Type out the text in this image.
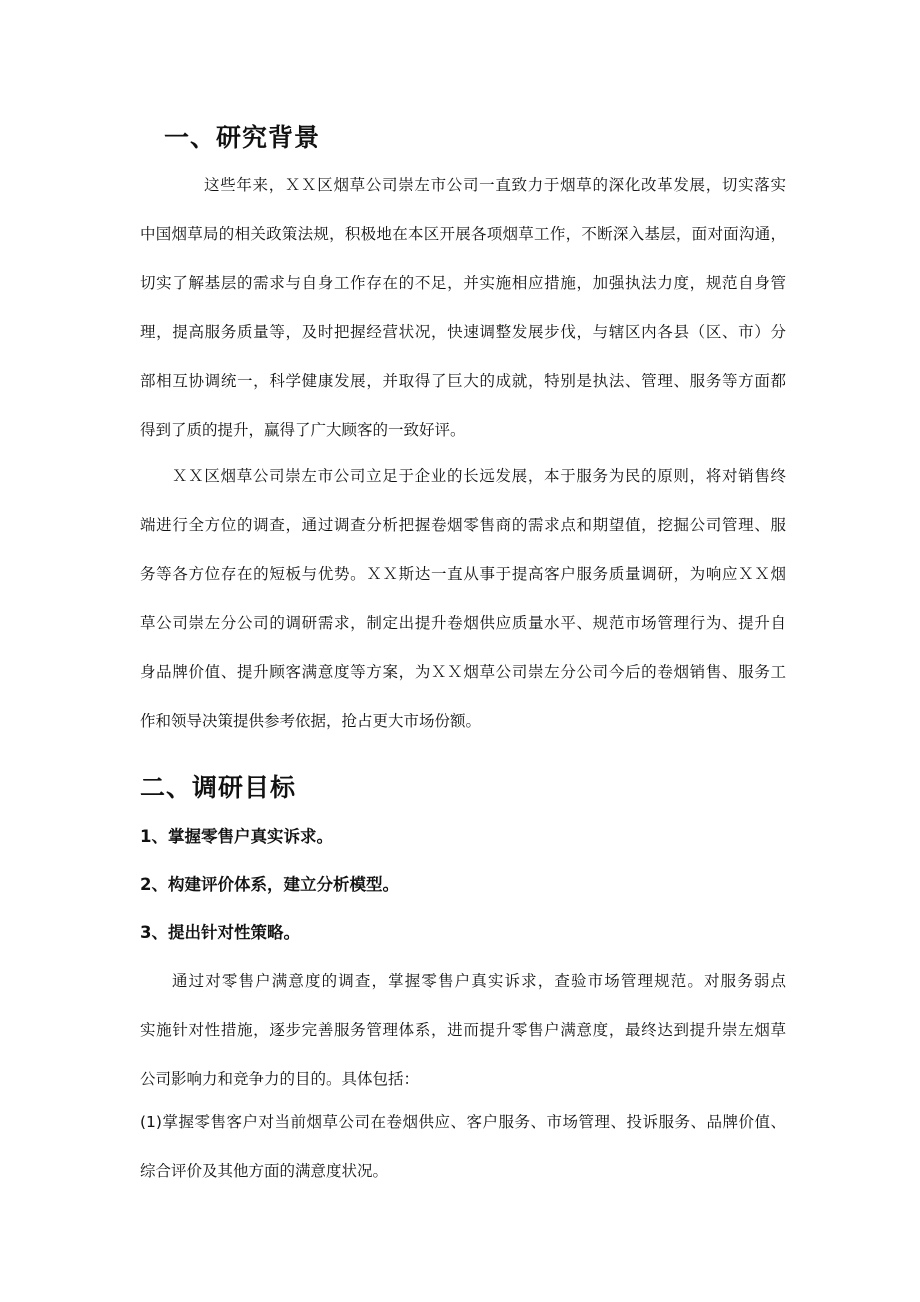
一、研究背景
这些年来，ＸＸ区烟草公司崇左市公司一直致力于烟草的深化改革发展，切实落实
中国烟草局的相关政策法规，积极地在本区开展各项烟草工作，不断深入基层，面对面沟通，
切实了解基层的需求与自身工作存在的不足，并实施相应措施，加强执法力度，规范自身管
理，提高服务质量等，及时把握经营状况，快速调整发展步伐，与辖区内各县（区、市）分
部相互协调统一，科学健康发展，并取得了巨大的成就，特别是执法、管理、服务等方面都
得到了质的提升，赢得了广大顾客的一致好评。
ＸＸ区烟草公司崇左市公司立足于企业的长远发展，本于服务为民的原则，将对销售终
端进行全方位的调查，通过调查分析把握卷烟零售商的需求点和期望值，挖掘公司管理、服
务等各方位存在的短板与优势。ＸＸ斯达一直从事于提高客户服务质量调研，为响应ＸＸ烟
草公司崇左分公司的调研需求，制定出提升卷烟供应质量水平、规范市场管理行为、提升自
身品牌价值、提升顾客满意度等方案，为ＸＸ烟草公司崇左分公司今后的卷烟销售、服务工
作和领导决策提供参考依据，抢占更大市场份额。
二、调研目标
1、掌握零售户真实诉求。
2、构建评价体系，建立分析模型。
3、提出针对性策略。
通过对零售户满意度的调查，掌握零售户真实诉求，查验市场管理规范。对服务弱点
实施针对性措施，逐步完善服务管理体系，进而提升零售户满意度，最终达到提升崇左烟草
公司影响力和竞争力的目的。具体包括：
(1)掌握零售客户对当前烟草公司在卷烟供应、客户服务、市场管理、投诉服务、品牌价值、
综合评价及其他方面的满意度状况。
